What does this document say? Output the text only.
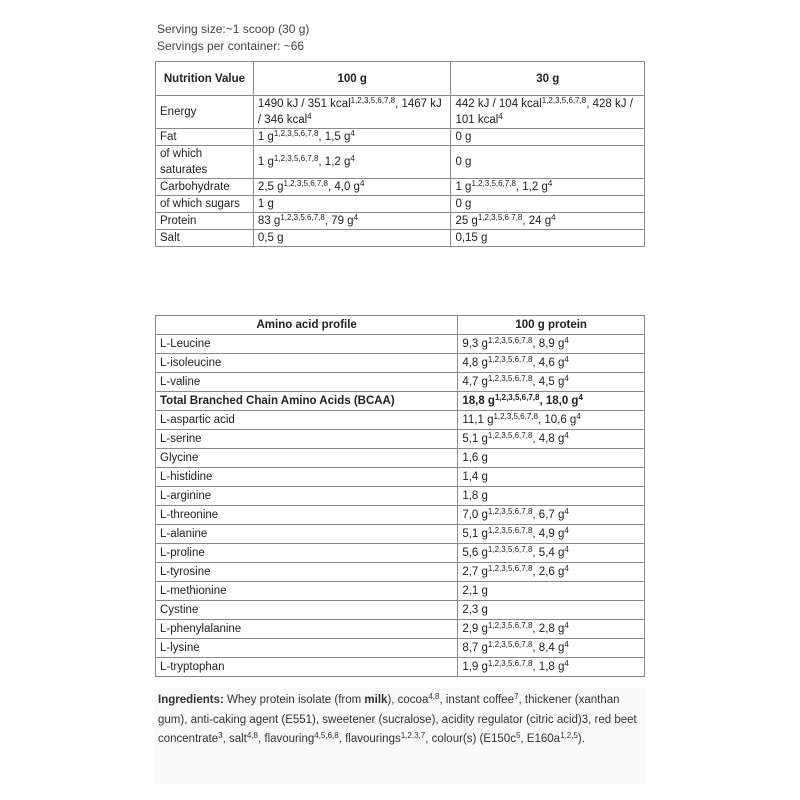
Serving size:~1 scoop (30 g)
Servings per container: ~66
Nutrition Value	100 g	30 g
Energy	1490 kJ / 351 kcal$^{1,2,3,5,6,7,8}$, 1467 kJ / 346 kcal$^4$	442 kJ / 104 kcal$^{1,2,3,5,6,7,8}$, 428 kJ / 101 kcal$^4$
Fat	1 $g^{1,2,3,5,6,7,8}$, 1,5 $g^4$	0 g
of which saturates	1 $g^{1,2,3,5,6,7,8}$, 1,2 $g^4$	0 g
Carbohydrate	2,5 $g^{1,2,3,5,6,7,8}$, 4,0 $g^4$	1 $g^{1,2,3,5,6,7,8}$, 1,2 $g^4$
of which sugars	1 g	0 g
Protein	83 $g^{1,2,3,5,6,7,8}$, 79 $g^4$	25 $g^{1,2,3,5,6 7,8}$, 24 $g^4$
Salt	0,5 g	0,15 g
Amino acid profile	100 g protein
L-Leucine	9,3 $g^{1,2,3,5,6,7,8}$, 8,9 $g^4$
L-isoleucine	4,8 $g^{1,2,3,5,6,7,8}$, 4,6 $g^4$
L-valine	4,7 $g^{1,2,3,5,6,7,8}$, 4,5 $g^4$
Total Branched Chain Amino Acids (BCAA)	18,8 $g^{1,2,3,5,6,7,8}$, 18,0 $g^4$
L-aspartic acid	11,1 $g^{1,2,3,5,6,7,8}$, 10,6 $g^4$
L-serine	5,1 $g^{1,2,3,5,6,7,8}$, 4,8 $g^4$
Glycine	1,6 g
L-histidine	1,4 g
L-arginine	1,8 g
L-threonine	7,0 $g^{1,2,3,5,6,7,8}$, 6,7 $g^4$
L-alanine	5,1 $g^{1,2,3,5,6,7,8}$, 4,9 $g^4$
L-proline	5,6 $g^{1,2,3,5,6,7,8}$, 5,4 $g^4$
L-tyrosine	2,7 $g^{1,2,3,5,6,7,8}$, 2,6 $g^4$
L-methionine	2,1 g
Cystine	2,3 g
L-phenylalanine	2,9 $g^{1,2,3,5,6,7,8}$, 2,8 $g^4$
L-lysine	8,7 $g^{1,2,3,5,6,7,8}$, 8,4 $g^4$
L-tryptophan	1,9 $g^{1,2,3,5,6,7,8}$, 1,8 $g^4$
Ingredients: Whey protein isolate (from milk), cocoa$^{4,8}$, instant coffee$^7$, thickener (xanthan gum), anti-caking agent (E551), sweetener (sucralose), acidity regulator (citric acid)3, red beet concentrate$^3$, salt$^{4,8}$, flavouring$^{4,5,6,8}$, flavourings$^{1,2,3,7}$, colour(s) ($E150c^5$, $E160a^{1,2,5}$).
